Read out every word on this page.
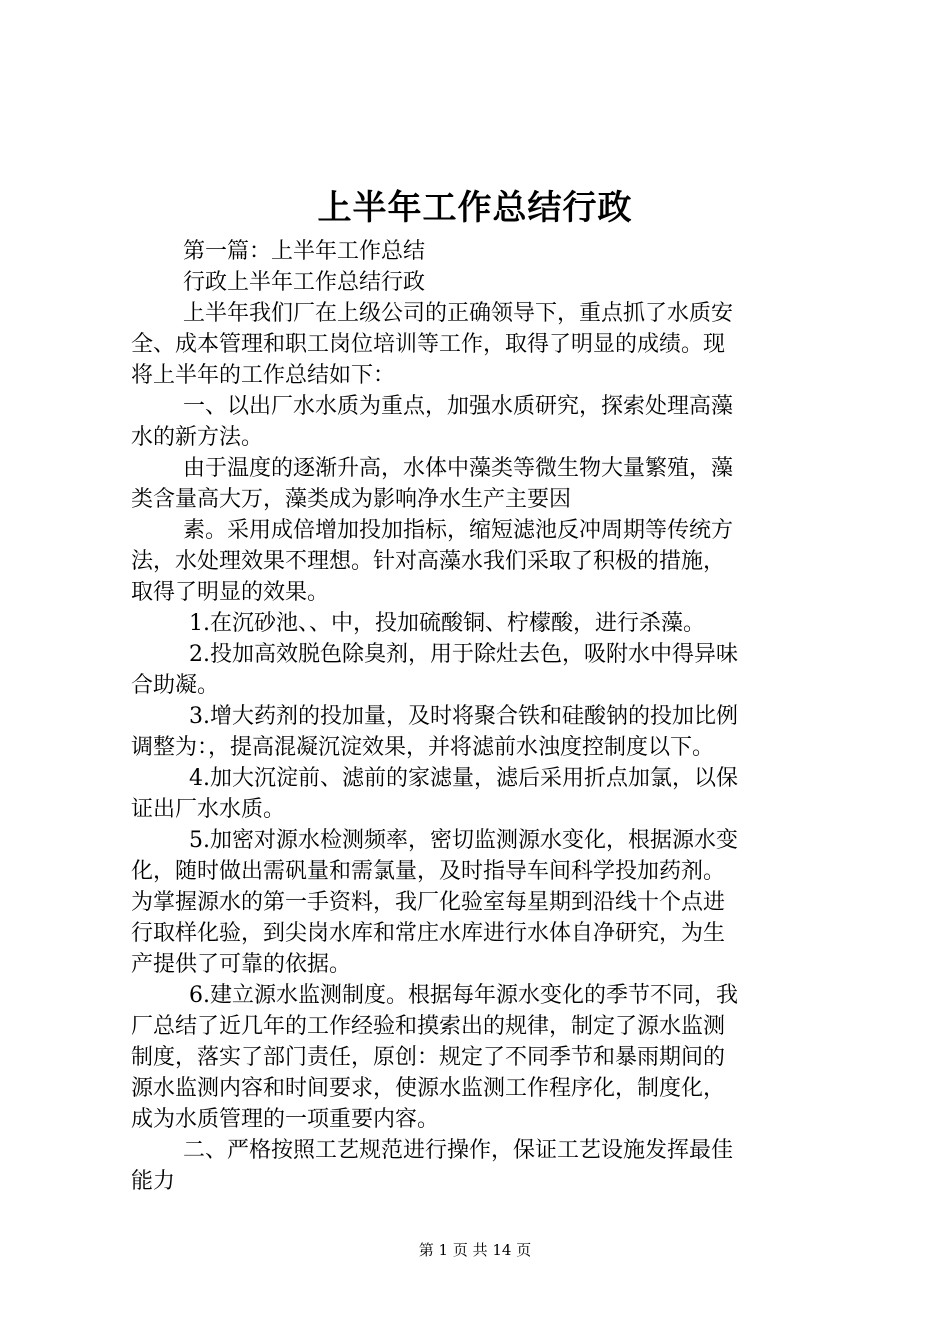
上半年工作总结行政
第一篇：上半年工作总结
行政上半年工作总结行政
上半年我们厂在上级公司的正确领导下，重点抓了水质安
全、成本管理和职工岗位培训等工作，取得了明显的成绩。现
将上半年的工作总结如下：
一、以出厂水水质为重点，加强水质研究，探索处理高藻
水的新方法。
由于温度的逐渐升高，水体中藻类等微生物大量繁殖，藻
类含量高大万，藻类成为影响净水生产主要因
素。采用成倍增加投加指标，缩短滤池反冲周期等传统方
法，水处理效果不理想。针对高藻水我们采取了积极的措施，
取得了明显的效果。
1.在沉砂池、、中，投加硫酸铜、柠檬酸，进行杀藻。
2.投加高效脱色除臭剂，用于除灶去色，吸附水中得异味
合助凝。
3.增大药剂的投加量，及时将聚合铁和硅酸钠的投加比例
调整为：，提高混凝沉淀效果，并将滤前水浊度控制度以下。
4.加大沉淀前、滤前的家滤量，滤后采用折点加氯，以保
证出厂水水质。
5.加密对源水检测频率，密切监测源水变化，根据源水变
化，随时做出需矾量和需氯量，及时指导车间科学投加药剂。
为掌握源水的第一手资料，我厂化验室每星期到沿线十个点进
行取样化验，到尖岗水库和常庄水库进行水体自净研究，为生
产提供了可靠的依据。
6.建立源水监测制度。根据每年源水变化的季节不同，我
厂总结了近几年的工作经验和摸索出的规律，制定了源水监测
制度，落实了部门责任，原创：规定了不同季节和暴雨期间的
源水监测内容和时间要求，使源水监测工作程序化，制度化，
成为水质管理的一项重要内容。
二、严格按照工艺规范进行操作，保证工艺设施发挥最佳
能力
第 1 页 共 14 页
